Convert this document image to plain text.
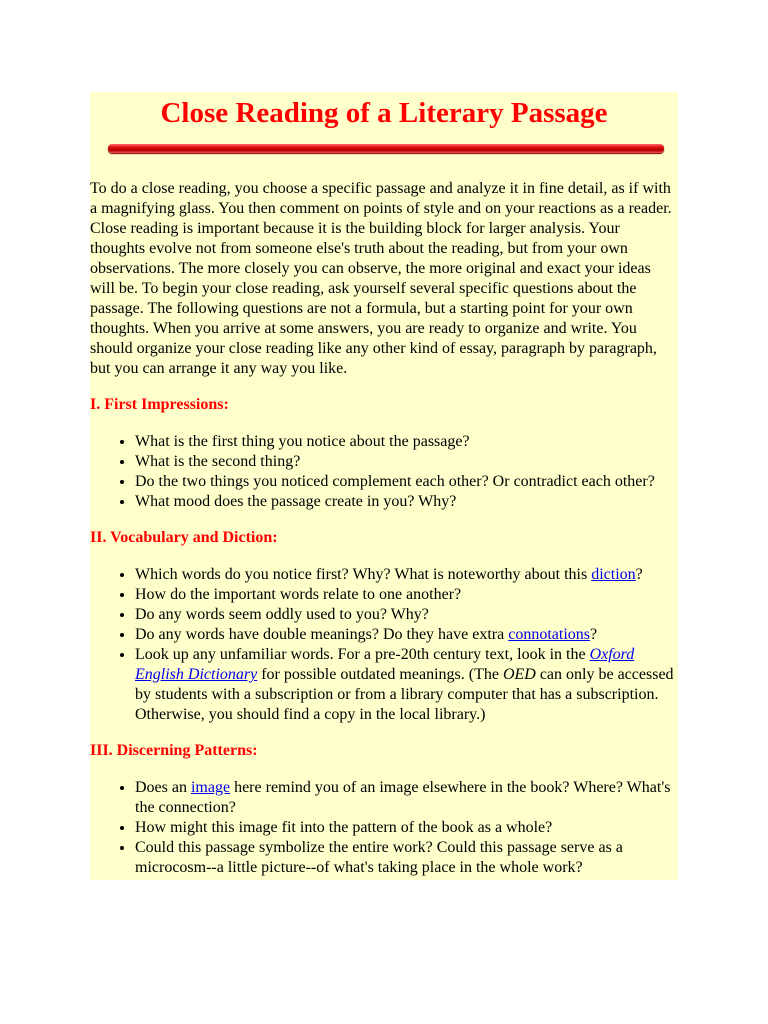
Close Reading of a Literary Passage

To do a close reading, you choose a specific passage and analyze it in fine detail, as if with a magnifying glass. You then comment on points of style and on your reactions as a reader. Close reading is important because it is the building block for larger analysis. Your thoughts evolve not from someone else's truth about the reading, but from your own observations. The more closely you can observe, the more original and exact your ideas will be. To begin your close reading, ask yourself several specific questions about the passage. The following questions are not a formula, but a starting point for your own thoughts. When you arrive at some answers, you are ready to organize and write. You should organize your close reading like any other kind of essay, paragraph by paragraph, but you can arrange it any way you like.

I. First Impressions:

• What is the first thing you notice about the passage?
• What is the second thing?
• Do the two things you noticed complement each other? Or contradict each other?
• What mood does the passage create in you? Why?

II. Vocabulary and Diction:

• Which words do you notice first? Why? What is noteworthy about this diction?
• How do the important words relate to one another?
• Do any words seem oddly used to you? Why?
• Do any words have double meanings? Do they have extra connotations?
• Look up any unfamiliar words. For a pre-20th century text, look in the Oxford English Dictionary for possible outdated meanings. (The OED can only be accessed by students with a subscription or from a library computer that has a subscription. Otherwise, you should find a copy in the local library.)

III. Discerning Patterns:

• Does an image here remind you of an image elsewhere in the book? Where? What's the connection?
• How might this image fit into the pattern of the book as a whole?
• Could this passage symbolize the entire work? Could this passage serve as a microcosm--a little picture--of what's taking place in the whole work?
